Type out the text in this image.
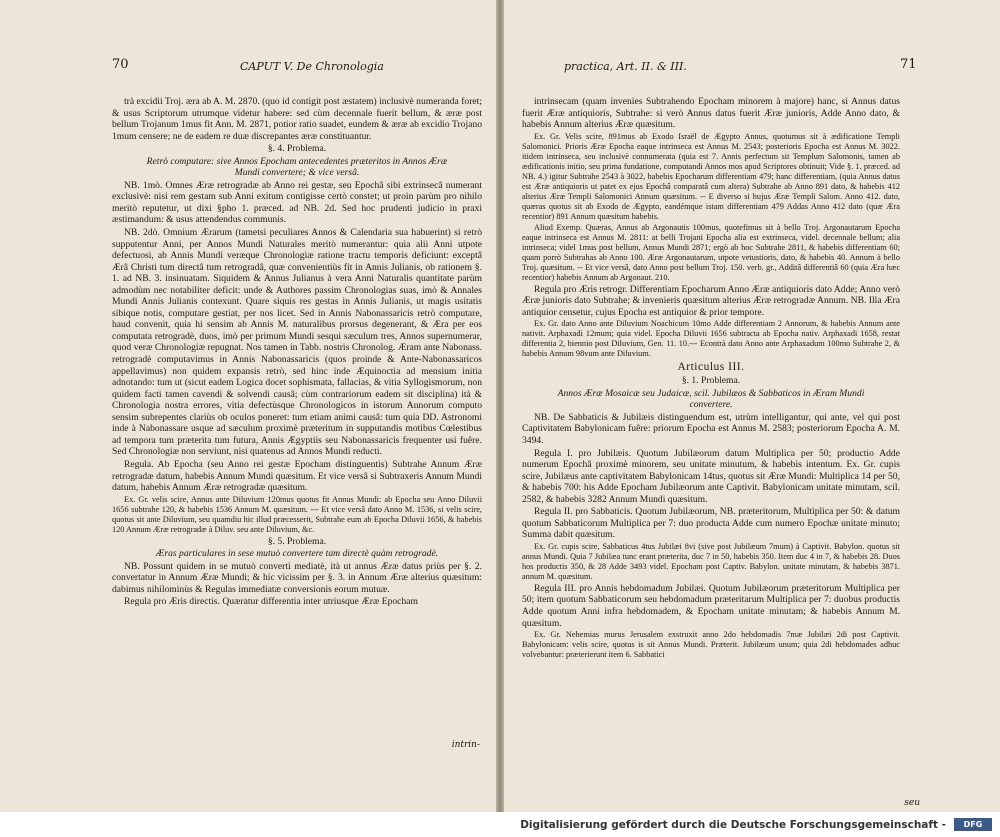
70	CAPUT V. De Chronologia

trà excidii Troj. æra ab A. M. 2870. (quo id contigit post æstatem) inclusivè numeranda foret; & usus Scriptorum utrumque videtur habere: sed cùm decennale fuerit bellum, & æræ post bellum Trojanum 1mus fit Ann. M. 2871, potior ratio suadet, eundem & æræ ab excidio Trojano 1mum censere; ne de eadem re duæ discrepantes æræ constituantur.

§. 4. Problema.

Retrò computare: sive Annos Epocham antecedentes præteritos in Annos Æræ Mundi convertere; & vice versâ.

NB. 1mò. Omnes Æræ retrogradæ ab Anno rei gestæ, seu Epochâ sibi extrinsecâ numerant exclusivè: nisi rem gestam sub Anni exitum contigisse certò constet; ut proin parùm pro nihilo meritò reputetur, ut dixi §pho 1. præced. ad NB. 2d. Sed hoc prudenti judicio in praxi æstimandum: & usus attendendus communis.

NB. 2dò. Omnium Ærarum (tametsi peculiares Annos & Calendaria sua habuerint) si retrò supputentur Anni, per Annos Mundi Naturales meritò numerantur: quia alii Anni utpote defectuosi, ab Annis Mundi veræque Chronologiæ ratione tractu temporis deficiunt: exceptâ Ærâ Christi tum directâ tum retrogradâ, quæ convenientiùs fit in Annis Julianis, ob rationem §. 1. ad NB. 3. insinuatam. Siquidem & Annus Julianus à vera Anni Naturalis quantitate parùm admodùm nec notabiliter deficit: unde & Authores passim Chronologias suas, imò & Annales Mundi Annis Julianis contexunt. Quare siquis res gestas in Annis Julianis, ut magis usitatis sibique notis, computare gestiat, per nos licet. Sed in Annis Nabonassaricis retrò computare, haud convenit, quia hi sensim ab Annis M. naturalibus prorsus degenerant, & Æra per eos computata retrogradè, duos, imò per primum Mundi sesqui sæculum tres, Annos supernumerar, quod veræ Chronologiæ repugnat. Nos tamen in Tabb. nostris Chronolog. Æram ante Nabonass. retrogradè computavimus in Annis Nabonassaricis (quos proinde & Ante-Nabonassaricos appellavimus) non quidem expansis retrò, sed hinc inde Æquinoctia ad mensium initia adnotando: tum ut (sicut eadem Logica docet sophismata, fallacias, & vitia Syllogismorum, non quidem facti tamen cavendi & solvendi causâ; cùm contrariorum eadem sit disciplina) ità & Chronologia nostra errores, vitia defectùsque Chronologicos in istorum Annorum computo sensim subrepentes clariùs ob oculos poneret: tum etiam animi causâ: tum quia DD. Astronomi inde à Nabonassare usque ad sæculum proximè præteritum in supputandis motibus Cœlestibus ad tempora tum præterita tum futura, Annis Ægyptiis seu Nabonassaricis frequenter usi fuêre. Sed Chronologiæ non serviunt, nisi quatenus ad Annos Mundi reducti.

Regula. Ab Epocha (seu Anno rei gestæ Epocham distinguentis) Subtrahe Annum Æræ retrogradæ datum, habebis Annum Mundi quæsitum. Et vice versâ si Subtraxeris Annum Mundi datum, habebis Annum Æræ retrogradæ quæsitum.

Ex. Gr. velis scire, Annus ante Diluvium 120mus quotus fit Annus Mundi: ab Epocha seu Anno Diluvii 1656 subtrahe 120, & habebis 1536 Annum M. quæsitum. --- Et vice versâ dato Anno M. 1536, si velis scire, quotus sit ante Diluvium, seu quamdiu hic illud præcesserit, Subtrahe eum ab Epocha Diluvii 1656, & habebis 120 Annum Æræ retrogradæ à Diluv. seu ante Diluvium, &c.

§. 5. Problema.

Æras particulares in sese mutuò convertere tam directè quàm retrogradè.

NB. Possunt quidem in se mutuò converti mediatè, ità ut annus Æræ datus priùs per §. 2. convertatur in Annum Æræ Mundi; & hic vicissim per §. 3. in Annum Æræ alterius quæsitum: dabimus nihilominùs & Regulas immediatæ conversionis eorum mutuæ.

Regula pro Æris directis. Quæratur differentia inter utriusque Æræ Epocham

intrin-
practica, Art. II. & III.	71

intrinsecam (quam invenies Subtrahendo Epocham minorem à majore) hanc, si Annus datus fuerit Æræ antiquioris, Subtrahe: si verò Annus datus fuerit Æræ junioris, Adde Anno dato, & habebis Annum alterius Æræ quæsitum.

Ex. Gr. Velis scire, 891mus ab Exodo Israël de Ægypto Annus, quotumus sit à ædificatione Templi Salomonici. Prioris Æræ Epocha eaque intrinseca est Annus M. 2543; posterioris Epocha est Annus M. 3022. itidem intrinseca, seu inclusivè connumerata (quia est 7. Annis perfectum sit Templum Salomonis, tamen ab ædificationis initio, seu prima fundatione, computandi Annos mos apud Scriptores obtinuit; Vide §. 1. præced. ad NB. 4.) igitur Subtrahe 2543 à 3022, habebis Epocharum differentiam 479; hanc differentiam, (quia Annus datus est Æræ antiquioris ut patet ex ejus Epochâ comparatâ cum altera) Subtrahe ab Anno 891 dato, & habebis 412 alterius Æræ Templi Salomonici Annum quæsitum. -- E diverso si hujus Æræ Templi Salom. Anno 412. dato, quæras quotus sit ab Exodo de Ægypto, eandémque istam differentiam 479 Addas Anno 412 dato (quæ Æra recentior) 891 Annum quæsitum habebis.

Aliud Exemp. Quæras, Annus ab Argonautis 100mus, quotefimus sit à bello Troj. Argonautarum Epocha eaque intrinseca est Annus M. 2811: at belli Trojani Epocha alia est extrinseca, videl. decennale bellum; alia intrinseca; videl 1mus post bellum, Annus Mundi 2871; ergò ab hoc Subtrahe 2811, & habebis differentiam 60; quam porrò Subtrahas ab Anno 100. Æræ Argonautarum, utpote vetustioris, dato, & habebis 40. Annum à bello Troj. quæsitum. -- Et vice versâ, dato Anno post bellum Troj. 150. verb. gr., Additâ differentiâ 60 (quia Æra hæc recentior) habebis Annum ab Argonaut. 210.

Regula pro Æris retrogr. Differentiam Epocharum Anno Æræ antiquioris dato Adde; Anno verò Æræ junioris dato Subtrahe; & invenieris quæsitum alterius Æræ retrogradæ Annum. NB. Illa Æra antiquior censetur, cujus Epocha est antiquior & prior tempore.

Ex. Gr. dato Anno ante Diluvium Noachicum 10mo Adde differentiam 2 Annorum, & habebis Annum ante nativit. Arphaxadi 12mum; quia videl. Epocha Diluvii 1656 subtracta ab Epocha nativ. Arphaxadi 1658, restat differentia 2, biennio post Diluvium, Gen. 11. 10.--- Econtrà dato Anno ante Arphaxadum 100mo Subtrahe 2, & habebis Annum 98vum ante Diluvium.

Articulus III.

§. 1. Problema.

Annos Æræ Mosaicæ seu Judaicæ, scil. Jubilæos & Sabbaticos in Æram Mundi convertere.

NB. De Sabbaticis & Jubilæis distinguendum est, utrùm intelligantur, qui ante, vel qui post Captivitatem Babylonicam fuêre: priorum Epocha est Annus M. 2583; posteriorum Epocha A. M. 3494.

Regula I. pro Jubilæis. Quotum Jubilæorum datum Multiplica per 50; productio Adde numerum Epochâ proximè minorem, seu unitate minutum, & habebis intentum. Ex. Gr. cupis scire, Jubilæus ante captivitatem Babylonicam 14tus, quotus sit Æræ Mundi: Multiplica 14 per 50, & habebis 700: his Adde Epocham Jubilæorum ante Captivit. Babylonicam unitate minutam, scil. 2582, & habebis 3282 Annum Mundi quæsitum.

Regula II. pro Sabbaticis. Quotum Jubilæorum, NB. præteritorum, Multiplica per 50: & datum quotum Sabbaticorum Multiplica per 7: duo producta Adde cum numero Epochæ unitate minuto; Summa dabit quæsitum.

Ex. Gr. cupis scire, Sabbaticus 4tus Jubilæi 8vi (sive post Jubilæum 7mum) à Captivit. Babylon. quotus sit annus Mundi. Quia 7 Jubilæa tunc erant præterita, duc 7 in 50, habebis 350. Item duc 4 in 7, & habebis 28. Duos hos productis 350, & 28 Adde 3493 videl. Epocham post Captiv. Babylon. unitate minutam, & habebis 3871. annum M. quæsitum.

Regula III. pro Annis hebdomadum Jubilæi. Quotum Jubilæorum præteritorum Multiplica per 50; item quotum Sabbaticorum seu hebdomadum præteritarum Multiplica per 7: duobus productis Adde quotum Anni infra hebdomadem, & Epocham unitate minutam; & habebis Annum M. quæsitum.

Ex. Gr. Nehemias murus Jerusalem exstruxit anno 2do hebdomadis 7mæ Jubilæi 2di post Captivit. Babylonicam: velis scire, quotus is sit Annus Mundi. Præterit. Jubilæum unum; quia 2di hebdomades adhuc volvebantur: præterierunt item 6. Sabbatici

seu
Digitalisierung gefördert durch die Deutsche Forschungsgemeinschaft -	DFG
